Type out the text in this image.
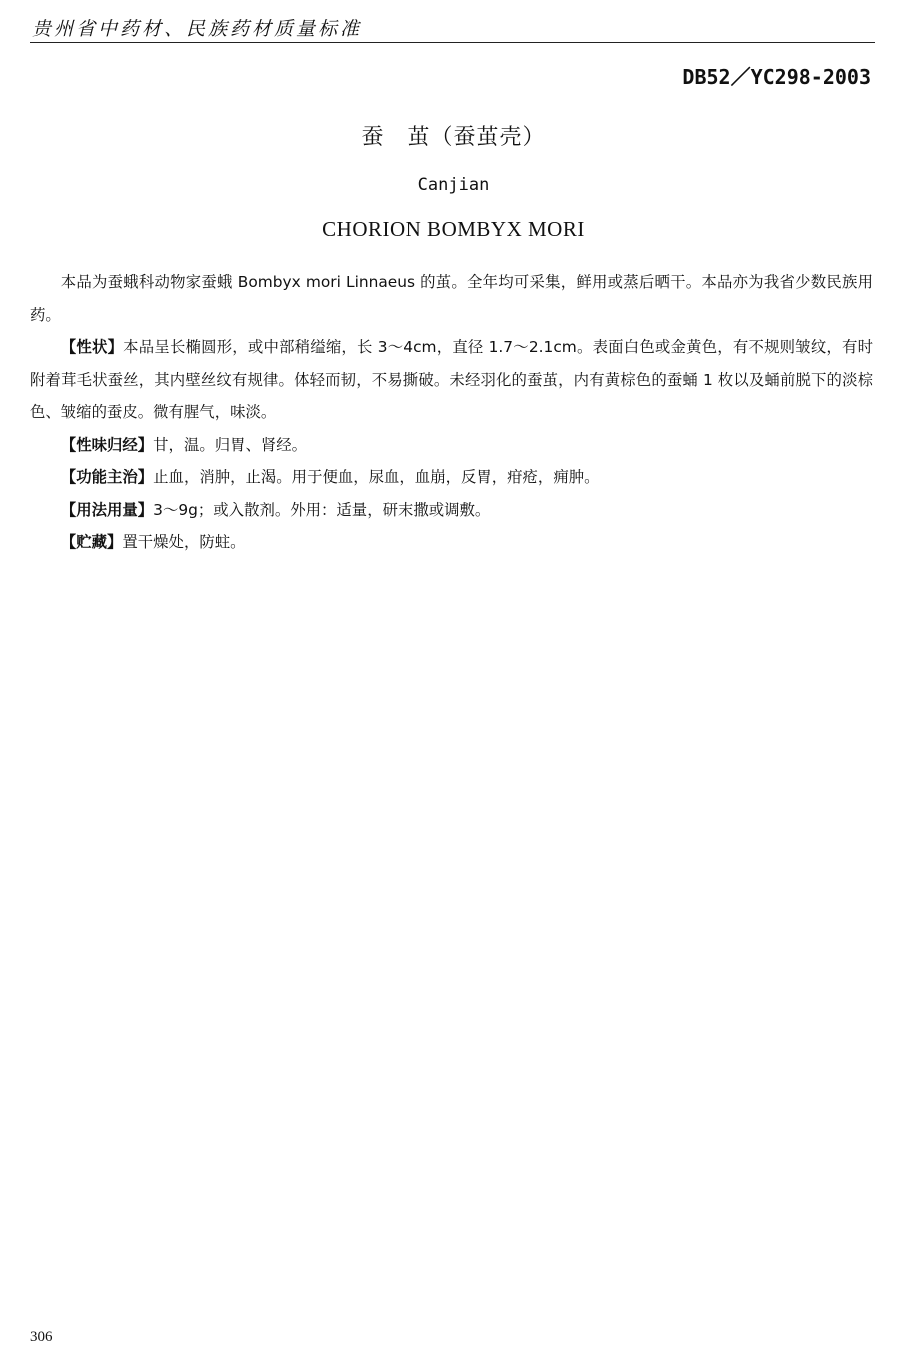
贵州省中药材、民族药材质量标准
DB52／YC298-2003
蚕　茧（蚕茧壳）
Canjian
CHORION BOMBYX MORI

本品为蚕蛾科动物家蚕蛾 Bombyx mori Linnaeus 的茧。全年均可采集，鲜用或蒸后晒干。本品亦为我省少数民族用药。

【性状】本品呈长椭圆形，或中部稍缢缩，长 3～4cm，直径 1.7～2.1cm。表面白色或金黄色，有不规则皱纹，有时附着茸毛状蚕丝，其内壁丝纹有规律。体轻而韧，不易撕破。未经羽化的蚕茧，内有黄棕色的蚕蛹 1 枚以及蛹前脱下的淡棕色、皱缩的蚕皮。微有腥气，味淡。

【性味归经】甘，温。归胃、肾经。

【功能主治】止血，消肿，止渴。用于便血，尿血，血崩，反胃，疳疮，痈肿。

【用法用量】3～9g；或入散剂。外用：适量，研末撒或调敷。

【贮藏】置干燥处，防蛀。

306
